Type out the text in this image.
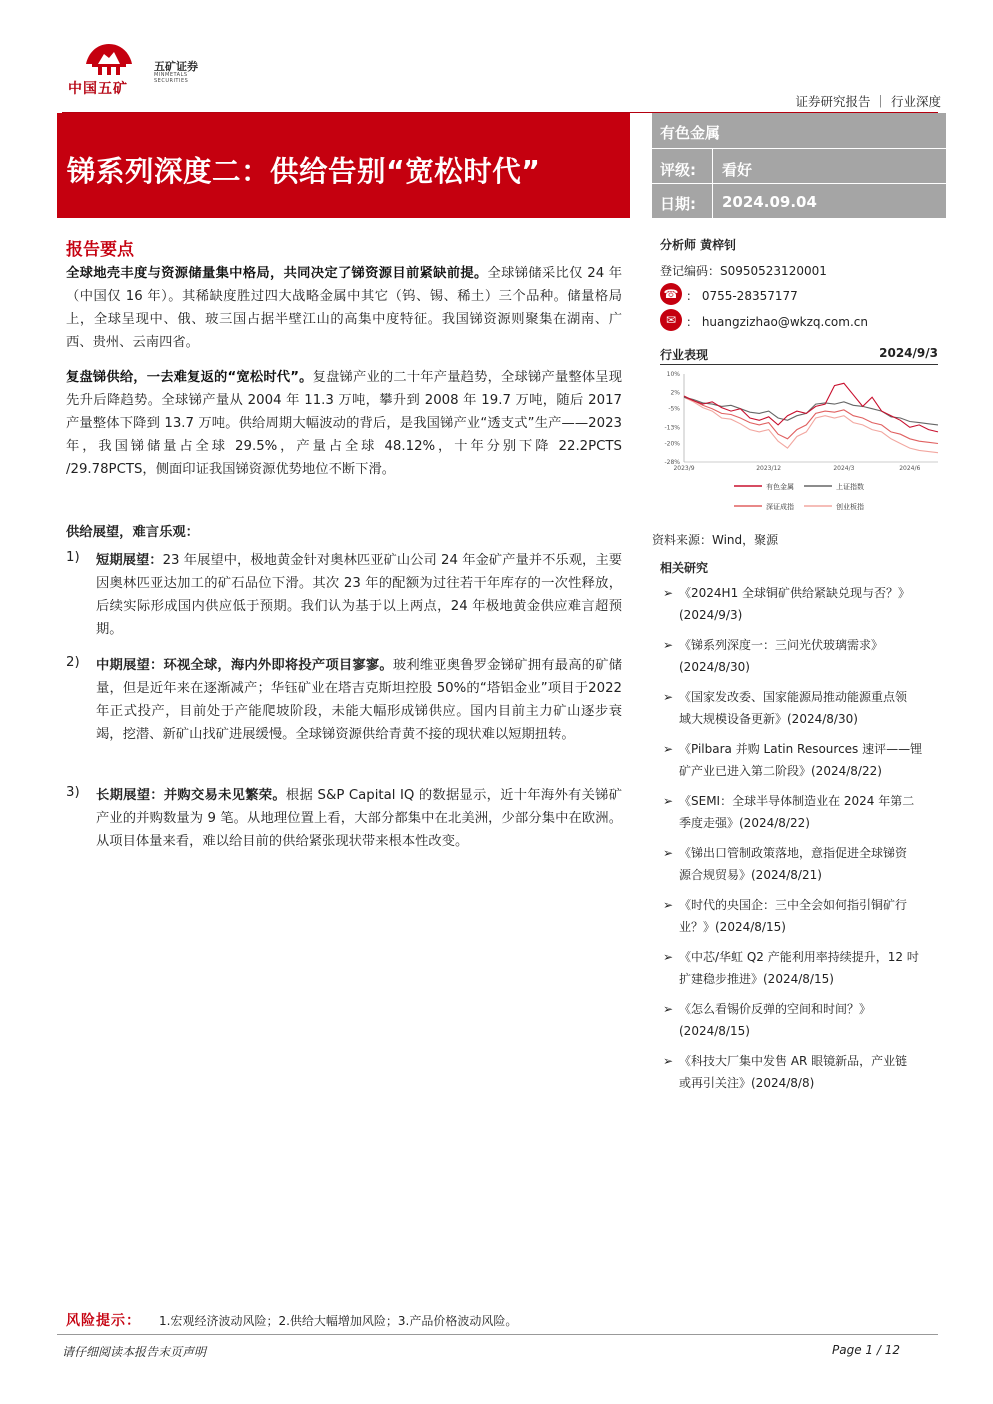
中国五矿
五矿证券
MINMETALS SECURITIES
证券研究报告 ｜ 行业深度
锑系列深度二：供给告别“宽松时代”
有色金属
评级: 看好
日期: 2024.09.04
报告要点
全球地壳丰度与资源储量集中格局，共同决定了锑资源目前紧缺前提。全球锑储采比仅 24 年（中国仅 16 年）。其稀缺度胜过四大战略金属中其它（钨、锡、稀土）三个品种。储量格局上，全球呈现中、俄、玻三国占据半壁江山的高集中度特征。我国锑资源则聚集在湖南、广西、贵州、云南四省。
复盘锑供给，一去难复返的“宽松时代”。复盘锑产业的二十年产量趋势，全球锑产量整体呈现先升后降趋势。全球锑产量从 2004 年 11.3 万吨，攀升到 2008 年 19.7 万吨，随后 2017 产量整体下降到 13.7 万吨。供给周期大幅波动的背后，是我国锑产业“透支式”生产——2023 年，我国锑储量占全球 29.5%，产量占全球 48.12%，十年分别下降 22.2PCTS /29.78PCTS，侧面印证我国锑资源优势地位不断下滑。
供给展望，难言乐观：
1) 短期展望：23 年展望中，极地黄金针对奥林匹亚矿山公司 24 年金矿产量并不乐观，主要因奥林匹亚达加工的矿石品位下滑。其次 23 年的配额为过往若干年库存的一次性释放，后续实际形成国内供应低于预期。我们认为基于以上两点，24 年极地黄金供应难言超预期。
2) 中期展望：环视全球，海内外即将投产项目寥寥。玻利维亚奥鲁罗金锑矿拥有最高的矿储量，但是近年来在逐渐减产；华钰矿业在塔吉克斯坦控股 50%的“塔铝金业”项目于2022 年正式投产，目前处于产能爬坡阶段，未能大幅形成锑供应。国内目前主力矿山逐步衰竭，挖潜、新矿山找矿进展缓慢。全球锑资源供给青黄不接的现状难以短期扭转。
3) 长期展望：并购交易未见繁荣。根据 S&P Capital IQ 的数据显示，近十年海外有关锑矿产业的并购数量为 9 笔。从地理位置上看，大部分都集中在北美洲，少部分集中在欧洲。从项目体量来看，难以给目前的供给紧张现状带来根本性改变。
分析师 黄梓钊
登记编码：S0950523120001
☎ ： 0755-28357177
✉ ： huangzizhao@wkzq.com.cn
行业表现	2024/9/3
10%
2%
-5%
-13%
-20%
-28%
2023/9	2023/12	2024/3	2024/6
有色金属	上证指数
深证成指	创业板指
资料来源：Wind，聚源
相关研究
➢ 《2024H1 全球铜矿供给紧缺兑现与否？》
(2024/9/3)
➢ 《锑系列深度一：三问光伏玻璃需求》
(2024/8/30)
➢ 《国家发改委、国家能源局推动能源重点领
域大规模设备更新》(2024/8/30)
➢ 《Pilbara 并购 Latin Resources 速评——锂
矿产业已进入第二阶段》(2024/8/22)
➢ 《SEMI：全球半导体制造业在 2024 年第二
季度走强》(2024/8/22)
➢ 《锑出口管制政策落地，意指促进全球锑资
源合规贸易》(2024/8/21)
➢ 《时代的央国企：三中全会如何指引铜矿行
业？》(2024/8/15)
➢ 《中芯/华虹 Q2 产能利用率持续提升，12 吋
扩建稳步推进》(2024/8/15)
➢ 《怎么看锡价反弹的空间和时间？》
(2024/8/15)
➢ 《科技大厂集中发售 AR 眼镜新品，产业链
或再引关注》(2024/8/8)
风险提示： 1.宏观经济波动风险；2.供给大幅增加风险；3.产品价格波动风险。
请仔细阅读本报告末页声明	Page 1 / 12
